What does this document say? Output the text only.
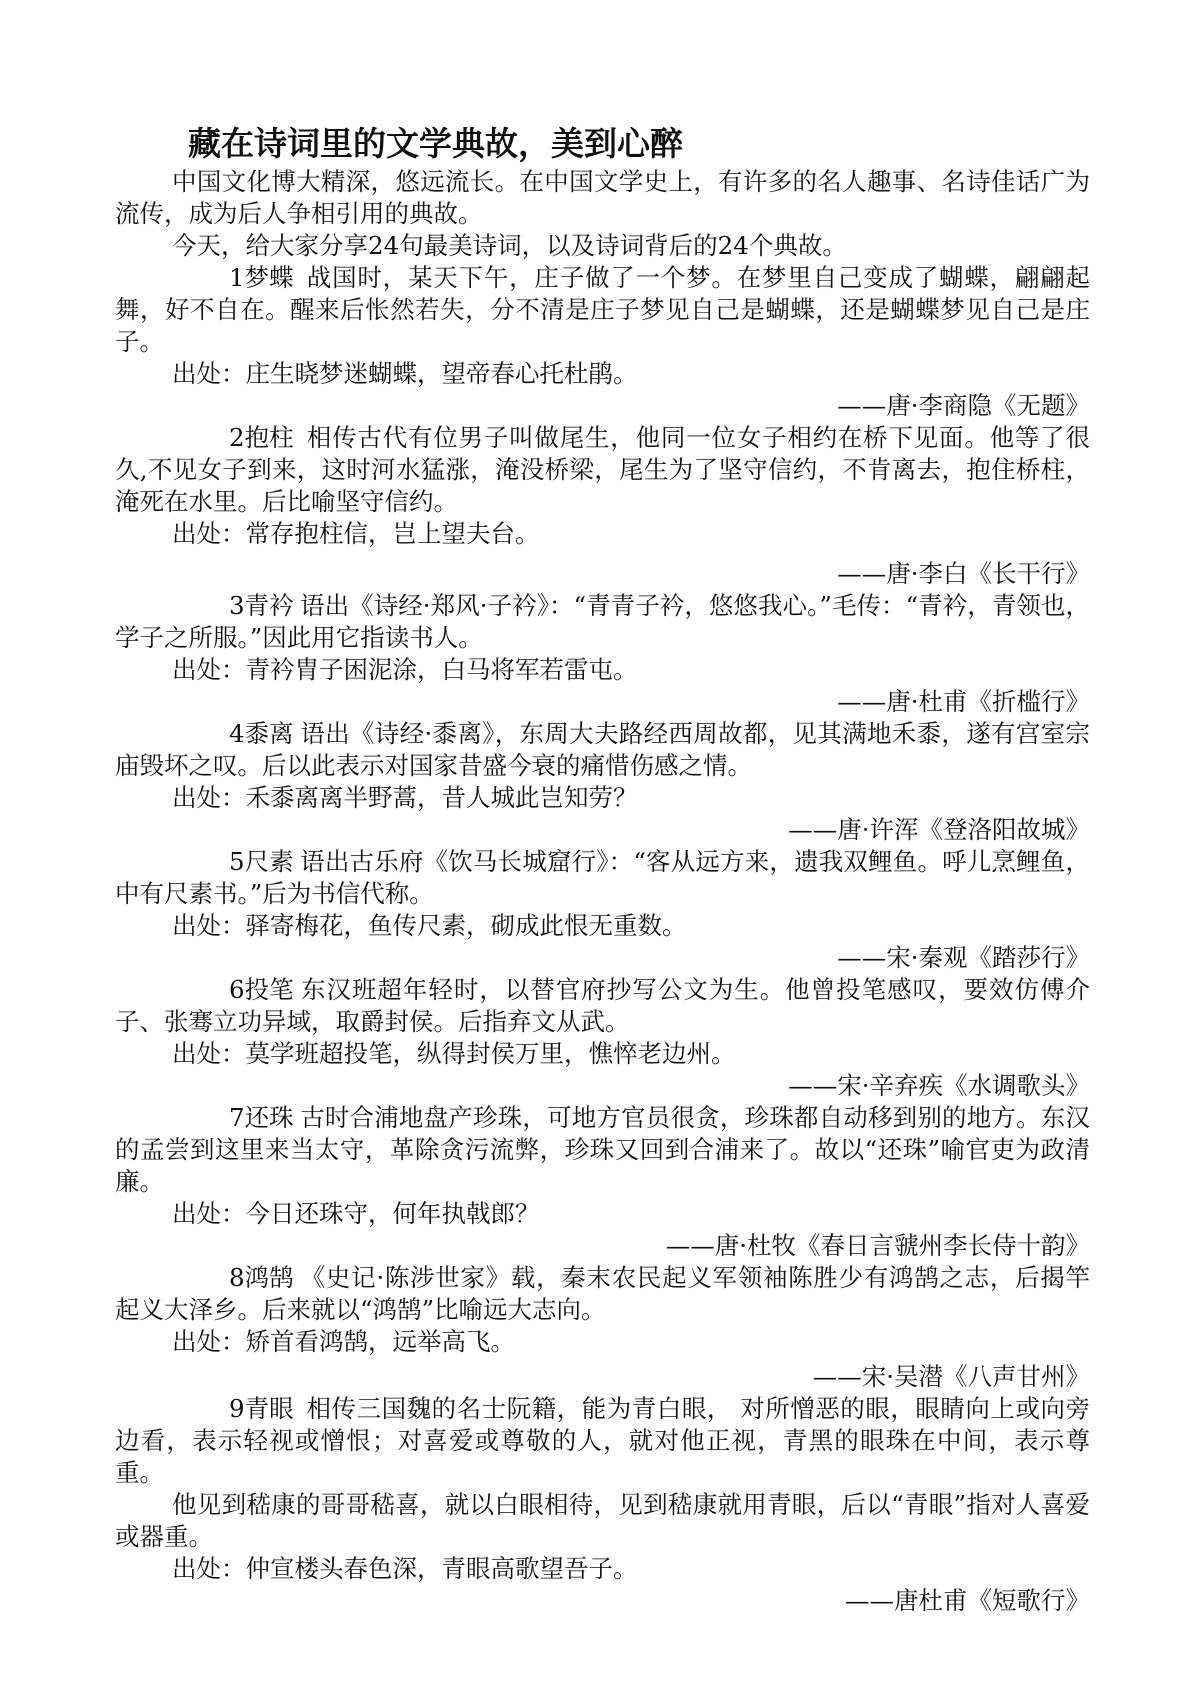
藏在诗词里的文学典故，美到心醉

中国文化博大精深，悠远流长。在中国文学史上，有许多的名人趣事、名诗佳话广为流传，成为后人争相引用的典故。

今天，给大家分享24句最美诗词，以及诗词背后的24个典故。

1梦蝶 战国时，某天下午，庄子做了一个梦。在梦里自己变成了蝴蝶，翩翩起舞，好不自在。醒来后怅然若失，分不清是庄子梦见自己是蝴蝶，还是蝴蝶梦见自己是庄子。

出处：庄生晓梦迷蝴蝶，望帝春心托杜鹃。

——唐·李商隐《无题》

2抱柱 相传古代有位男子叫做尾生，他同一位女子相约在桥下见面。他等了很久,不见女子到来，这时河水猛涨，淹没桥梁，尾生为了坚守信约，不肯离去，抱住桥柱，淹死在水里。后比喻坚守信约。

出处：常存抱柱信，岂上望夫台。

——唐·李白《长干行》

3青衿 语出《诗经·郑风·子衿》：“青青子衿，悠悠我心。”毛传：“青衿，青领也，学子之所服。”因此用它指读书人。

出处：青衿胄子困泥涂，白马将军若雷屯。

——唐·杜甫《折槛行》

4黍离 语出《诗经·黍离》，东周大夫路经西周故都，见其满地禾黍，遂有宫室宗庙毁坏之叹。后以此表示对国家昔盛今衰的痛惜伤感之情。

出处：禾黍离离半野蒿，昔人城此岂知劳？

——唐·许浑《登洛阳故城》

5尺素 语出古乐府《饮马长城窟行》：“客从远方来，遗我双鲤鱼。呼儿烹鲤鱼，中有尺素书。”后为书信代称。

出处：驿寄梅花，鱼传尺素，砌成此恨无重数。

——宋·秦观《踏莎行》

6投笔 东汉班超年轻时，以替官府抄写公文为生。他曾投笔感叹，要效仿傅介子、张骞立功异域，取爵封侯。后指弃文从武。

出处：莫学班超投笔，纵得封侯万里，憔悴老边州。

——宋·辛弃疾《水调歌头》

7还珠 古时合浦地盘产珍珠，可地方官员很贪，珍珠都自动移到别的地方。东汉的孟尝到这里来当太守，革除贪污流弊，珍珠又回到合浦来了。故以“还珠”喻官吏为政清廉。

出处：今日还珠守，何年执戟郎？

——唐·杜牧《春日言虢州李长侍十韵》

8鸿鹄 《史记·陈涉世家》载，秦末农民起义军领袖陈胜少有鸿鹄之志，后揭竿起义大泽乡。后来就以“鸿鹄”比喻远大志向。

出处：矫首看鸿鹄，远举高飞。

——宋·吴潜《八声甘州》

9青眼 相传三国魏的名士阮籍，能为青白眼， 对所憎恶的眼，眼睛向上或向旁边看，表示轻视或憎恨；对喜爱或尊敬的人，就对他正视，青黑的眼珠在中间，表示尊重。

他见到嵇康的哥哥嵇喜，就以白眼相待，见到嵇康就用青眼，后以“青眼”指对人喜爱或器重。

出处：仲宣楼头春色深，青眼高歌望吾子。

——唐杜甫《短歌行》
